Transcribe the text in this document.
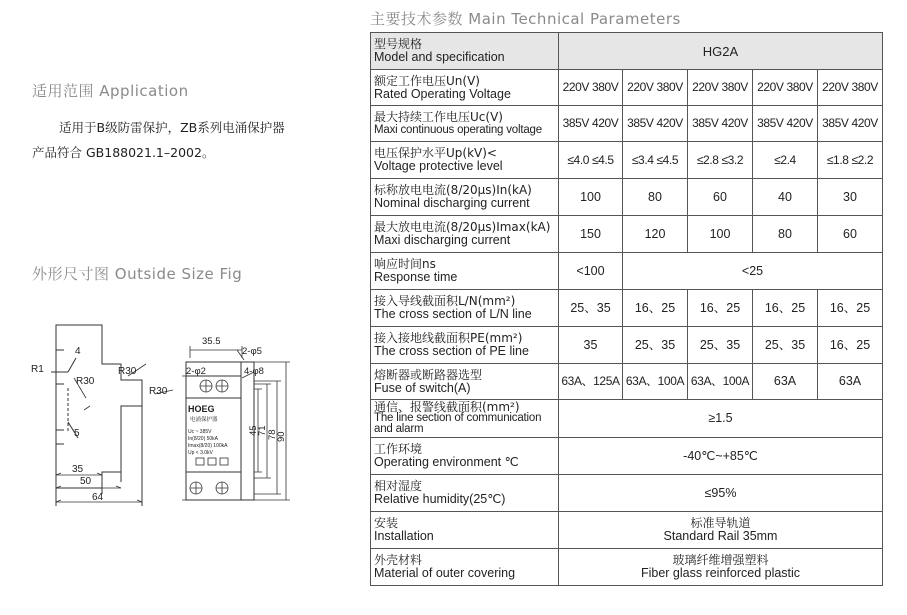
适用范围 Application
适用于B级防雷保护，ZB系列电涌保护器
产品符合 GB188021.1–2002。
外形尺寸图 Outside Size Fig
4
R1
R30
R30
R30
5
35
50
64
35.5
2-φ5
2-φ2	4-φ8
45
71 78
90
HOEG
电涌保护器
Uc ~ 385V
In(8/20) 50kA
Imax(8/20) 100kA
Up < 3.0kV
主要技术参数 Main Technical Parameters
型号规格
Model and specification	HG2A				

额定工作电压Un(V)
Rated Operating Voltage	220V 380V	220V 380V	220V 380V	220V 380V	220V 380V

最大持续工作电压Uc(V)
Maxi continuous operating voltage	385V 420V	385V 420V	385V 420V	385V 420V	385V 420V

电压保护水平Up(kV)<
Voltage protective level	≤4.0 ≤4.5	≤3.4 ≤4.5	≤2.8 ≤3.2	≤2.4	≤1.8 ≤2.2

标称放电电流(8/20μs)In(kA)
Nominal discharging current	100	80	60	40	30

最大放电电流(8/20μs)Imax(kA)
Maxi discharging current	150	120	100	80	60

响应时间ns
Response time	<100	<25			

接入导线截面积L/N(mm²)
The cross section of L/N line	25、35	16、25	16、25	16、25	16、25

接入接地线截面积PE(mm²)
The cross section of PE line	35	25、35	25、35	25、35	16、25

熔断器或断路器选型
Fuse of switch(A)	63A、125A	63A、100A	63A、100A	63A	63A

通信、报警线截面积(mm²)
The line section of communication and alarm	≥1.5				

工作环境
Operating environment ℃	-40℃~+85℃				

相对湿度
Relative humidity(25℃)	≤95%				

安装
Installation	标准导轨道
Standard Rail 35mm				

外壳材料
Material of outer covering	玻璃纤维增强塑料
Fiber glass reinforced plastic				
